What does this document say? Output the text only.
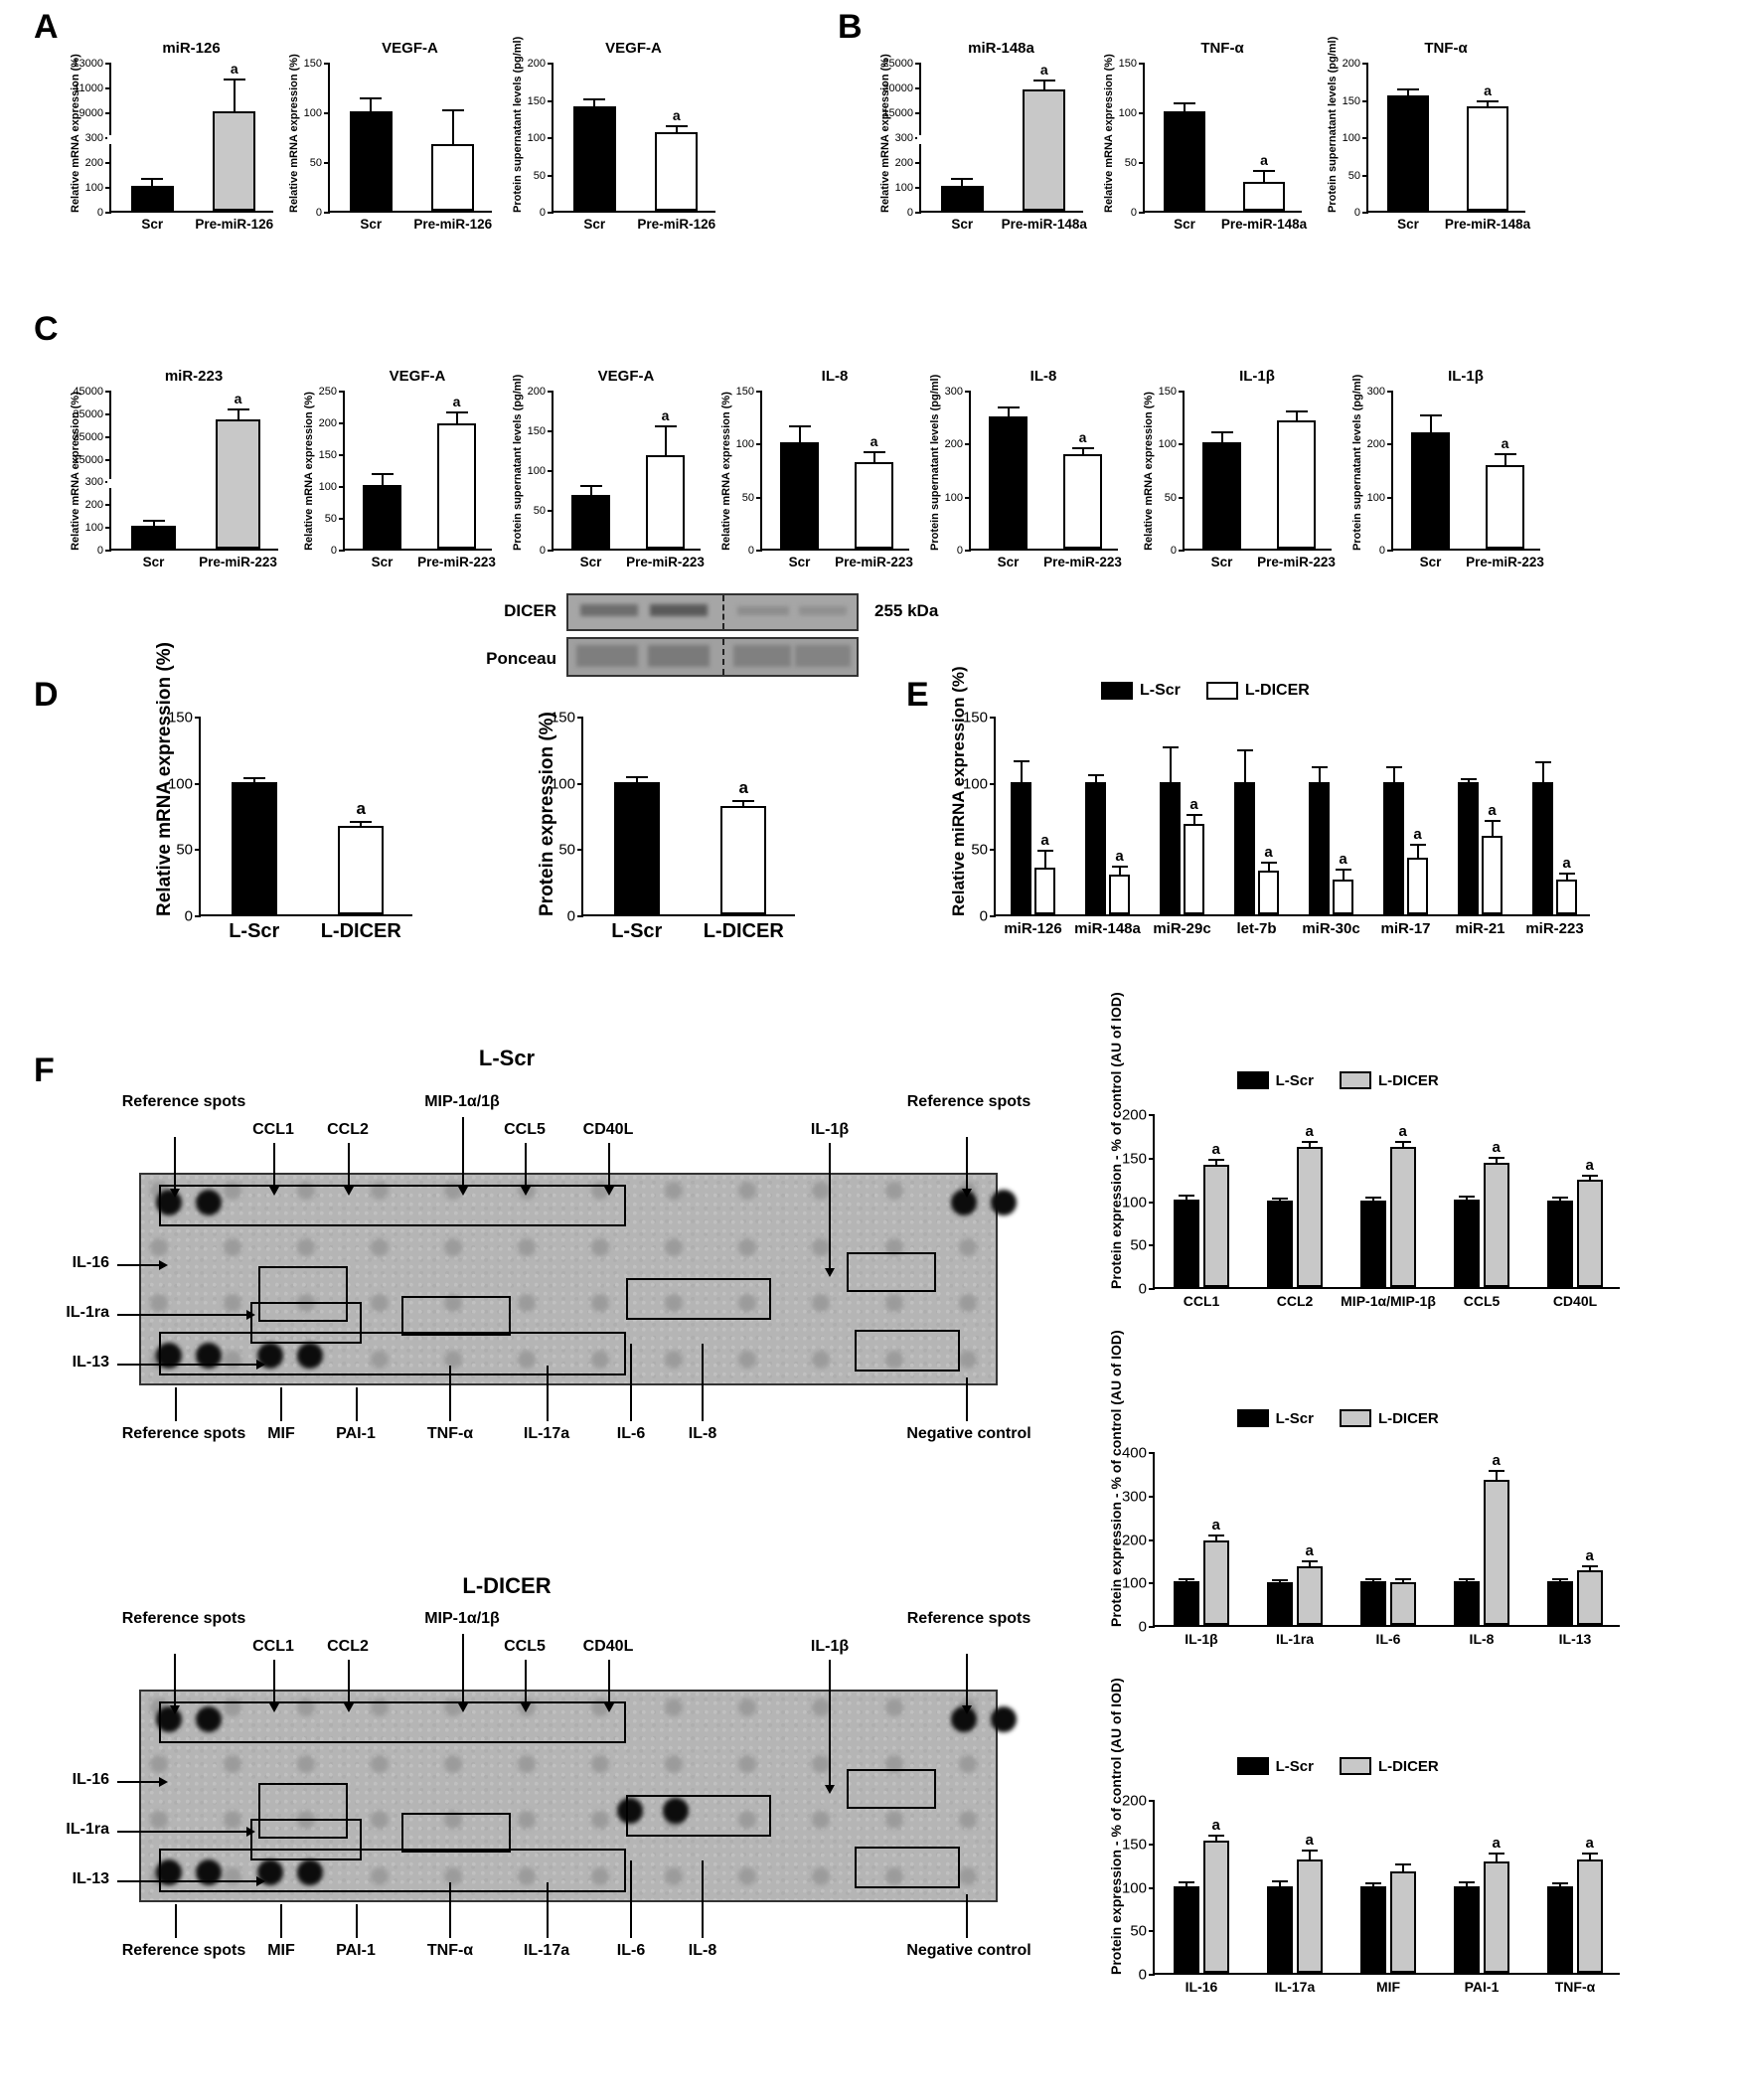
A	B
C
D	E
F
miR-126
Relative mRNA expression (%) 0
100
200
300
9000
11000
13000
Scr
a
Pre-miR-126
VEGF-A
Relative mRNA expression (%) 0
50
100
150
Scr Pre-miR-126
VEGF-A
Protein supernatant levels (pg/ml) 0
50
100
150
200
Scr
a
Pre-miR-126
miR-148a
Relative mRNA expression (%) 0
100
200
300
15000
20000
25000
Scr
a
Pre-miR-148a
TNF-α
Relative mRNA expression (%) 0
50
100
150
Scr
a
Pre-miR-148a
TNF-α
Protein supernatant levels (pg/ml) 0
50
100
150
200
Scr
a
Pre-miR-148a
miR-223
Relative mRNA expression (%)
0
100
200
300
15000
25000
35000
45000
Scr
a
Pre-miR-223
VEGF-A
Relative mRNA expression (%)
0
50
100
150
200
250
Scr
a
Pre-miR-223
VEGF-A
Protein supernatant levels (pg/ml) 0
50
100
150
200
Scr
a
Pre-miR-223
IL-8
Relative mRNA expression (%)
0
50
100
150
Scr
a
Pre-miR-223
IL-8
Protein supernatant levels (pg/ml) 0
100
200
300
Scr
a
Pre-miR-223
IL-1β
Relative mRNA expression (%)
0
50
100
150
Scr Pre-miR-223
IL-1β
Protein supernatant levels (pg/ml) 0
100
200
300
Scr
a
Pre-miR-223
Relative mRNA expression (%) 0
50
100
150
L-Scr
a
L-DICER
Protein expression (%) 0
50
100
150
L-Scr
a
L-DICER
Relative miRNA expression (%) 0
50
100
150
a
miR-126
a
miR-148a
a
miR-29c
a
let-7b
a
miR-30c
a
miR-17
a
miR-21
a
miR-223
L-Scr	L-DICER
Protein expression - % of control (AU of IOD) 0
50
100
150
200
a
CCL1
a
CCL2
a
MIP-1α/MIP-1β
a
CCL5
a
CD40L
L-Scr	L-DICER
Protein expression - % of control (AU of IOD) 0
100
200
300
400
a
IL-1β
a
IL-1ra	IL-6
a
IL-8
a
IL-13
L-Scr	L-DICER
Protein expression - % of control (AU of IOD) 0
50
100
150
200
a
IL-16
a
IL-17a	MIF
a
PAI-1
a
TNF-α
L-Scr	L-DICER
DICER
Ponceau
255 kDa
L-Scr
L-DICER
Reference spots
CCL1	CCL2
MIP-1α/1β
CCL5	CD40L	IL-1β
Reference spots
IL-16
IL-1ra
IL-13
Reference spots	MIF	PAI-1	TNF-α	IL-17a	IL-6	IL-8	Negative control
Reference spots
CCL1	CCL2
MIP-1α/1β
CCL5	CD40L	IL-1β
Reference spots
IL-16
IL-1ra
IL-13
Reference spots	MIF	PAI-1	TNF-α	IL-17a	IL-6	IL-8	Negative control
